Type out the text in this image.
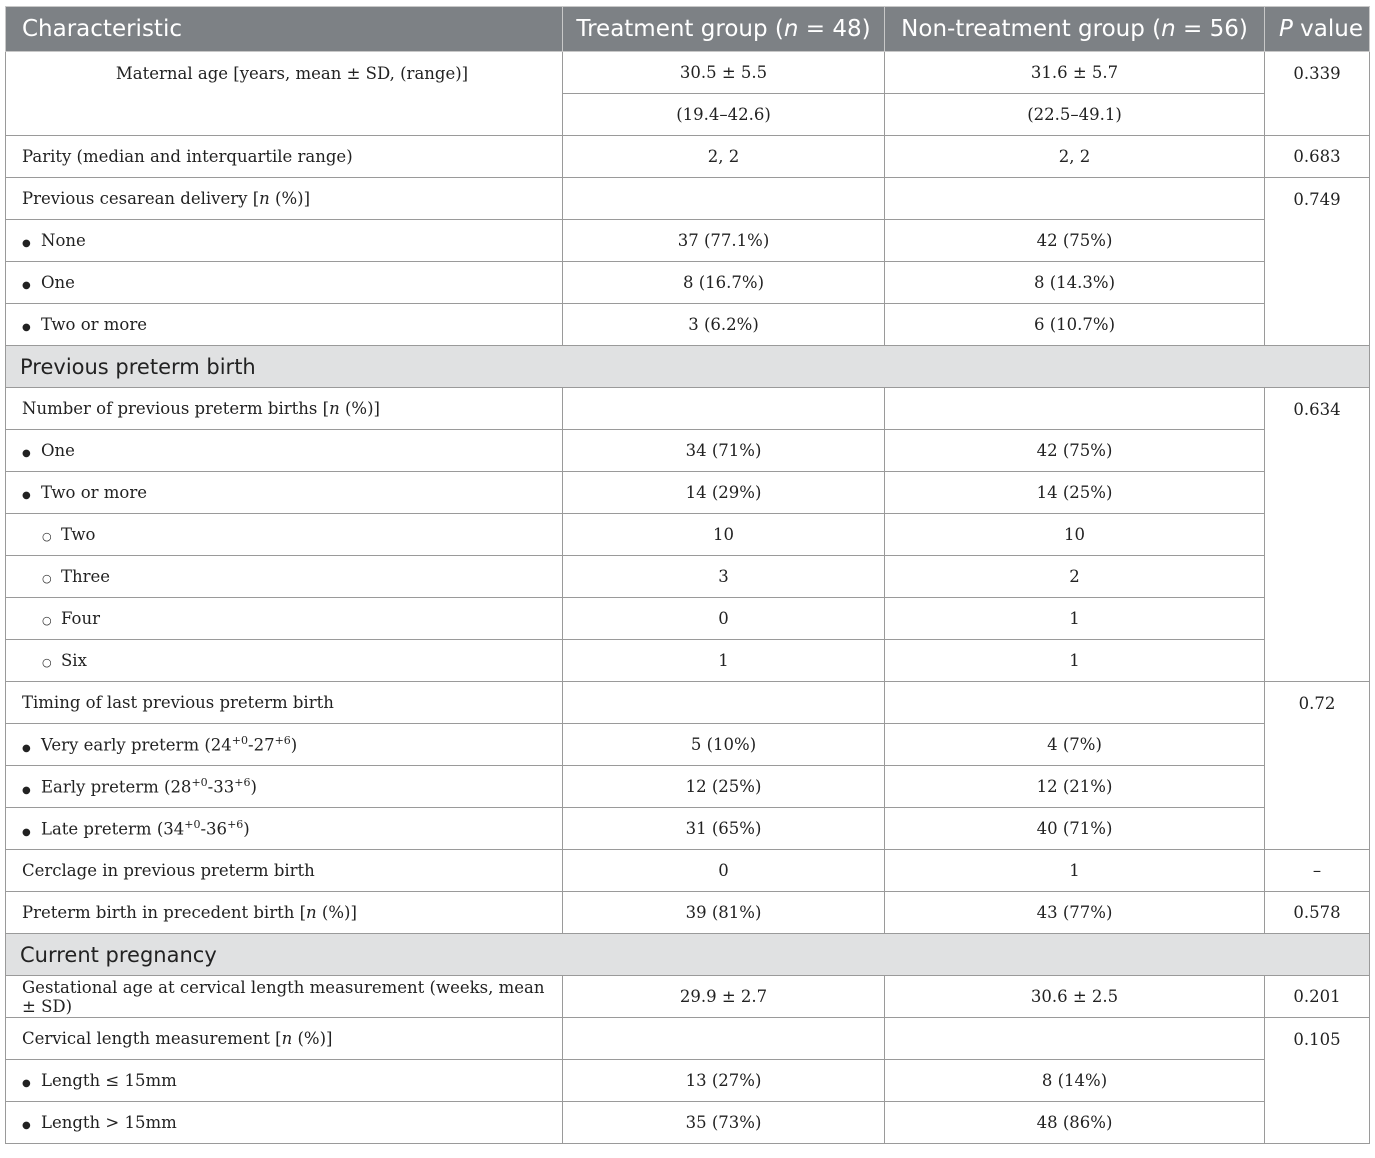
Characteristic	Treatment group (n = 48)	Non-treatment group (n = 56)	P value
Maternal age [years, mean ± SD, (range)]	30.5 ± 5.5	31.6 ± 5.7	0.339
	(19.4–42.6)	(22.5–49.1)	
Parity (median and interquartile range)	2, 2	2, 2	0.683
Previous cesarean delivery [n (%)]			0.749
● None	37 (77.1%)	42 (75%)	
● One	8 (16.7%)	8 (14.3%)	
● Two or more	3 (6.2%)	6 (10.7%)	
Previous preterm birth			
Number of previous preterm births [n (%)]			0.634
● One	34 (71%)	42 (75%)	
● Two or more	14 (29%)	14 (25%)	
○ Two	10	10	
○ Three	3	2	
○ Four	0	1	
○ Six	1	1	
Timing of last previous preterm birth			0.72
● Very early preterm $(24^{+0}-27^{+6})$	5 (10%)	4 (7%)	
● Early preterm $(28^{+0}-33^{+6})$	12 (25%)	12 (21%)	
● Late preterm $(34^{+0}-36^{+6})$	31 (65%)	40 (71%)	
Cerclage in previous preterm birth	0	1	–
Preterm birth in precedent birth [n (%)]	39 (81%)	43 (77%)	0.578
Current pregnancy			
Gestational age at cervical length measurement (weeks, mean ± SD)	29.9 ± 2.7	30.6 ± 2.5	0.201
Cervical length measurement [n (%)]			0.105
● Length ≤ 15mm	13 (27%)	8 (14%)	
● Length > 15mm	35 (73%)	48 (86%)	
